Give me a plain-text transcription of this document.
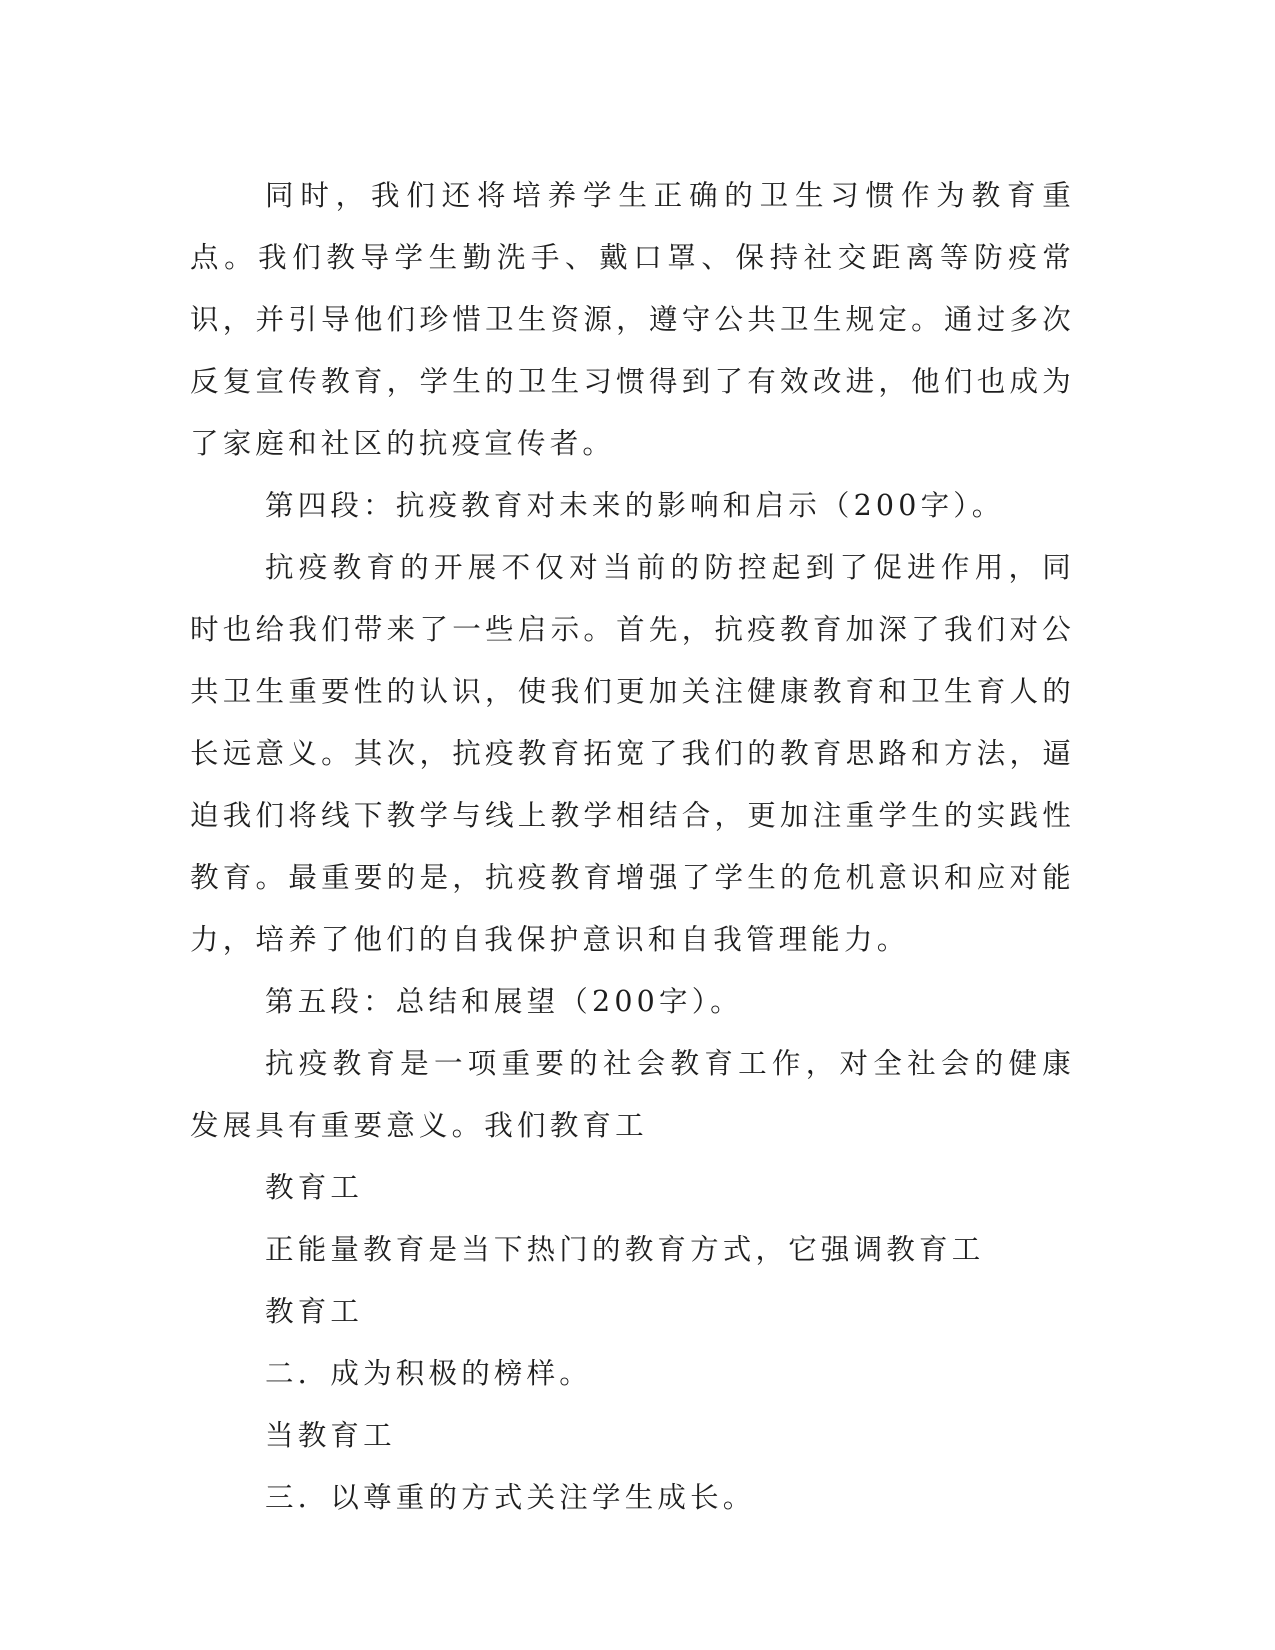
同时，我们还将培养学生正确的卫生习惯作为教育重点。我们教导学生勤洗手、戴口罩、保持社交距离等防疫常识，并引导他们珍惜卫生资源，遵守公共卫生规定。通过多次反复宣传教育，学生的卫生习惯得到了有效改进，他们也成为了家庭和社区的抗疫宣传者。

第四段：抗疫教育对未来的影响和启示（200字）。

抗疫教育的开展不仅对当前的防控起到了促进作用，同时也给我们带来了一些启示。首先，抗疫教育加深了我们对公共卫生重要性的认识，使我们更加关注健康教育和卫生育人的长远意义。其次，抗疫教育拓宽了我们的教育思路和方法，逼迫我们将线下教学与线上教学相结合，更加注重学生的实践性教育。最重要的是，抗疫教育增强了学生的危机意识和应对能力，培养了他们的自我保护意识和自我管理能力。

第五段：总结和展望（200字）。

抗疫教育是一项重要的社会教育工作，对全社会的健康发展具有重要意义。我们教育工

教育工

正能量教育是当下热门的教育方式，它强调教育工

教育工

二．成为积极的榜样。

当教育工

三．以尊重的方式关注学生成长。
